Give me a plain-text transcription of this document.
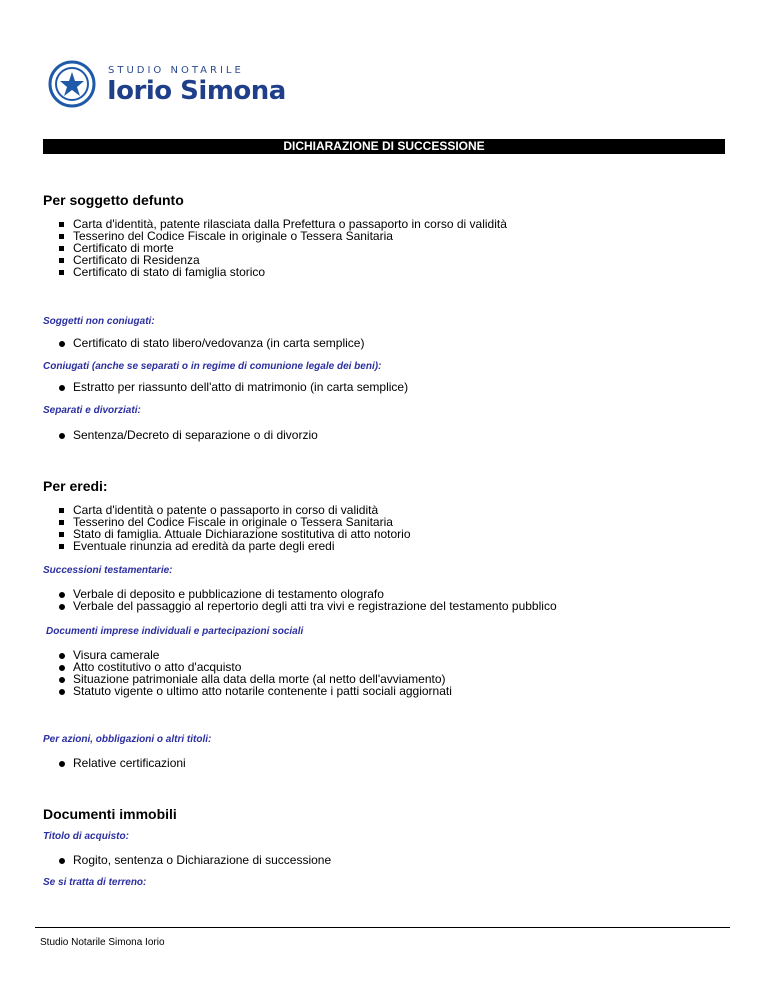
STUDIO NOTARILE
Iorio Simona
DICHIARAZIONE DI SUCCESSIONE
Per soggetto defunto
Carta d'identità, patente rilasciata dalla Prefettura o passaporto in corso di validità
Tesserino del Codice Fiscale in originale o Tessera Sanitaria
Certificato di morte
Certificato di Residenza
Certificato di stato di famiglia storico
Soggetti non coniugati:
Certificato di stato libero/vedovanza (in carta semplice)
Coniugati (anche se separati o in regime di comunione legale dei beni):
Estratto per riassunto dell'atto di matrimonio (in carta semplice)
Separati e divorziati:
Sentenza/Decreto di separazione o di divorzio
Per eredi:
Carta d'identità o patente o passaporto in corso di validità
Tesserino del Codice Fiscale in originale o Tessera Sanitaria
Stato di famiglia. Attuale Dichiarazione sostitutiva di atto notorio
Eventuale rinunzia ad eredità da parte degli eredi
Successioni testamentarie:
Verbale di deposito e pubblicazione di testamento olografo
Verbale del passaggio al repertorio degli atti tra vivi e registrazione del testamento pubblico
Documenti imprese individuali e partecipazioni sociali
Visura camerale
Atto costitutivo o atto d'acquisto
Situazione patrimoniale alla data della morte (al netto dell'avviamento)
Statuto vigente o ultimo atto notarile contenente i patti sociali aggiornati
Per azioni, obbligazioni o altri titoli:
Relative certificazioni
Documenti immobili
Titolo di acquisto:
Rogito, sentenza o Dichiarazione di successione
Se si tratta di terreno:
Studio Notarile Simona Iorio
